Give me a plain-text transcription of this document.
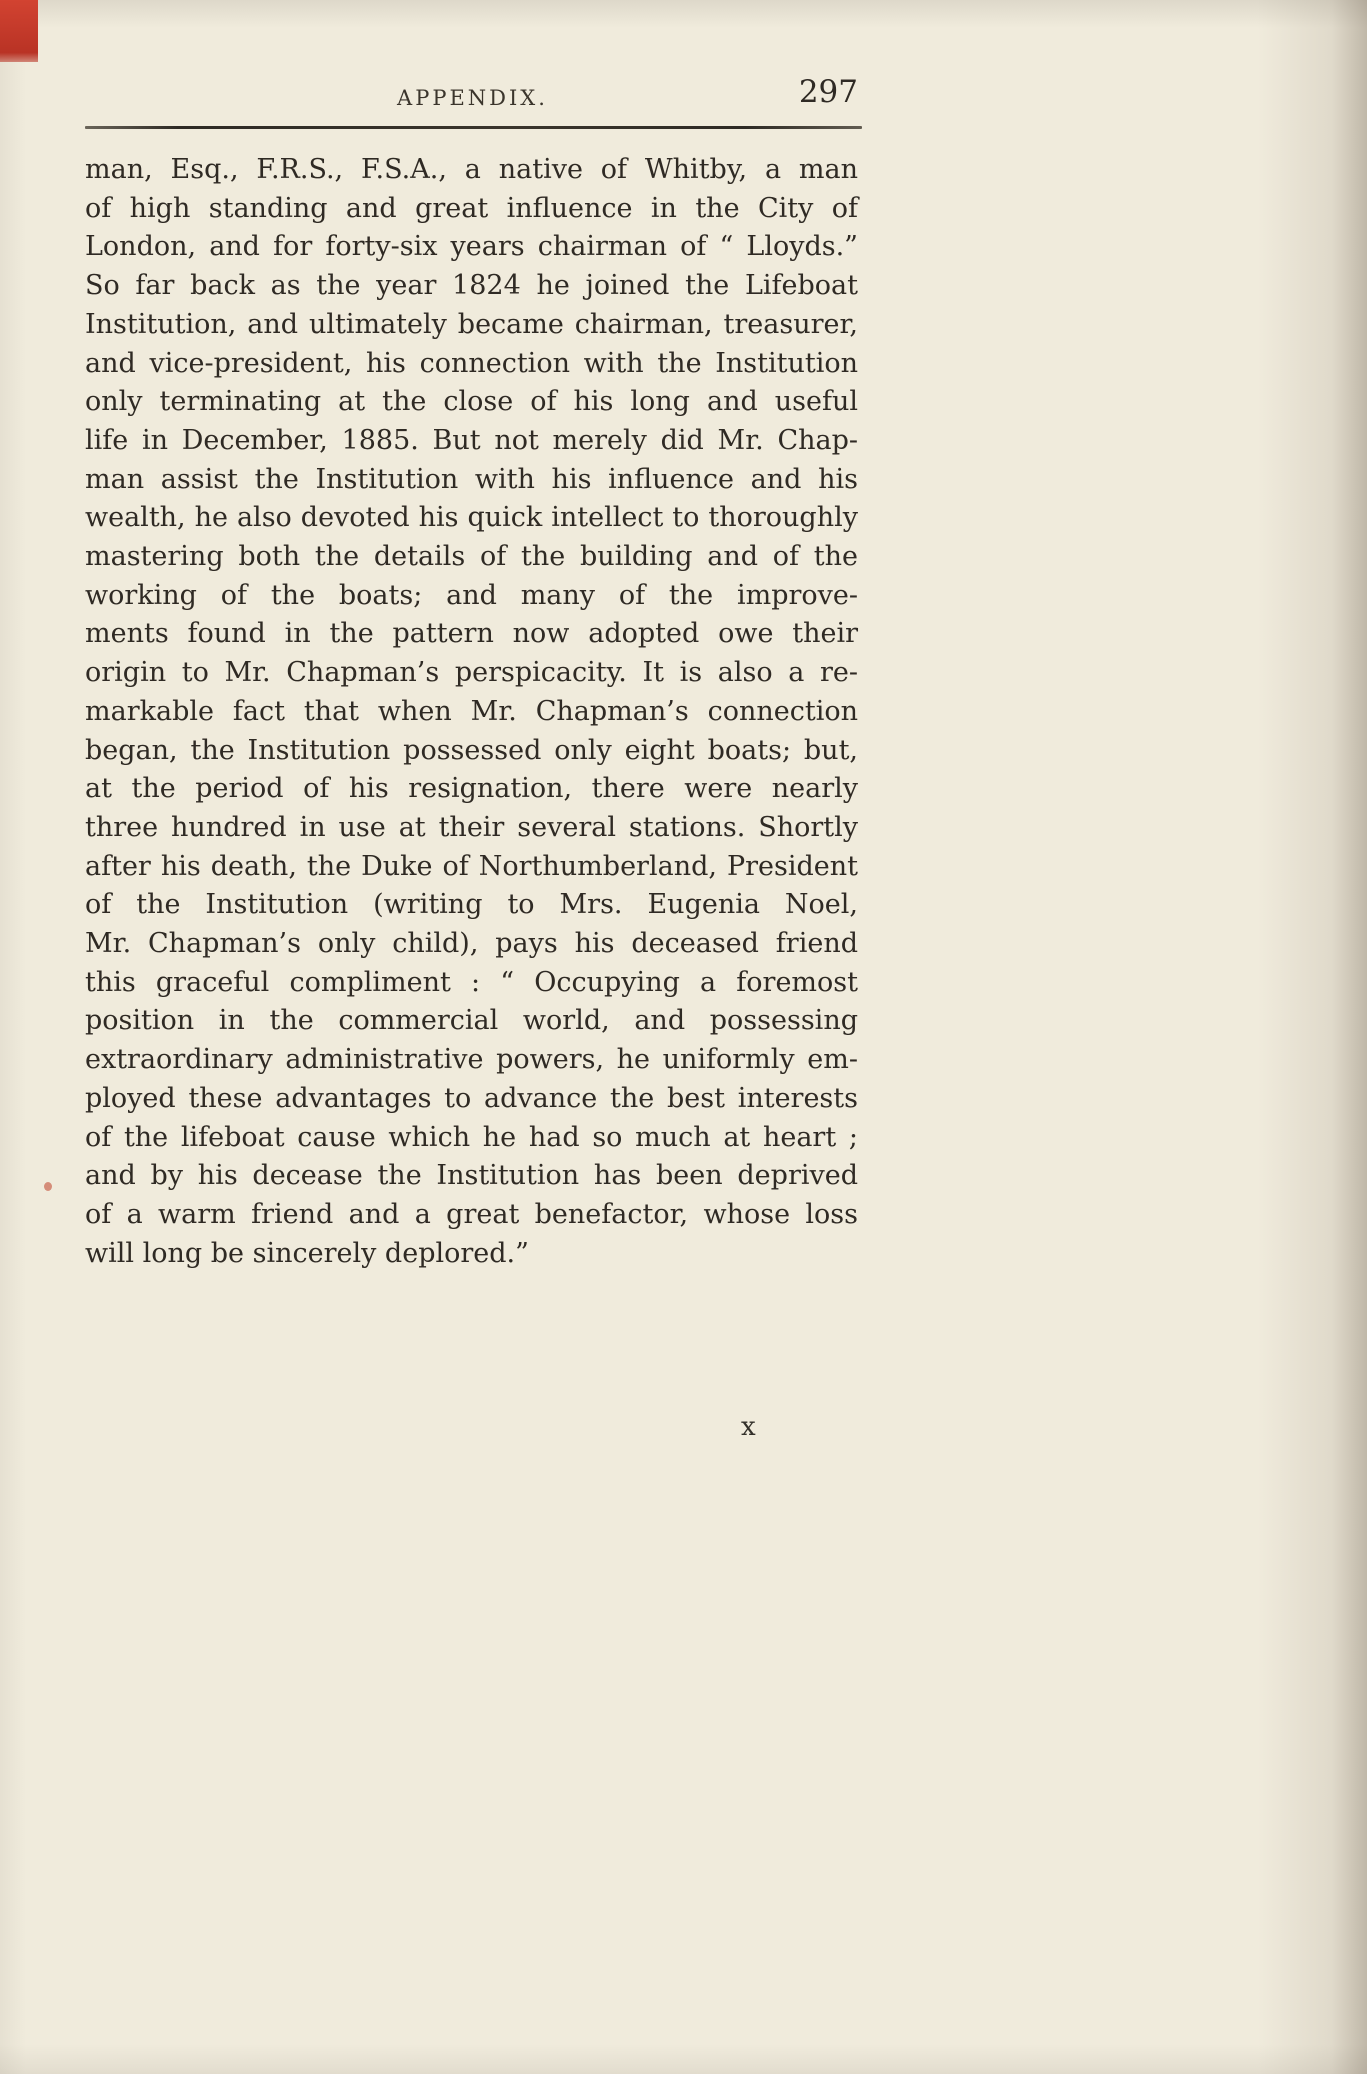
APPENDIX.	297
man, Esq., F.R.S., F.S.A., a native of Whitby, a man
of high standing and great influence in the City of
London, and for forty-six years chairman of “ Lloyds.”
So far back as the year 1824 he joined the Lifeboat
Institution, and ultimately became chairman, treasurer,
and vice-president, his connection with the Institution
only terminating at the close of his long and useful
life in December, 1885. But not merely did Mr. Chap-
man assist the Institution with his influence and his
wealth, he also devoted his quick intellect to thoroughly
mastering both the details of the building and of the
working of the boats; and many of the improve-
ments found in the pattern now adopted owe their
origin to Mr. Chapman’s perspicacity. It is also a re-
markable fact that when Mr. Chapman’s connection
began, the Institution possessed only eight boats; but,
at the period of his resignation, there were nearly
three hundred in use at their several stations. Shortly
after his death, the Duke of Northumberland, President
of the Institution (writing to Mrs. Eugenia Noel,
Mr. Chapman’s only child), pays his deceased friend
this graceful compliment : “ Occupying a foremost
position in the commercial world, and possessing
extraordinary administrative powers, he uniformly em-
ployed these advantages to advance the best interests
of the lifeboat cause which he had so much at heart ;
and by his decease the Institution has been deprived
of a warm friend and a great benefactor, whose loss
will long be sincerely deplored.”
x
